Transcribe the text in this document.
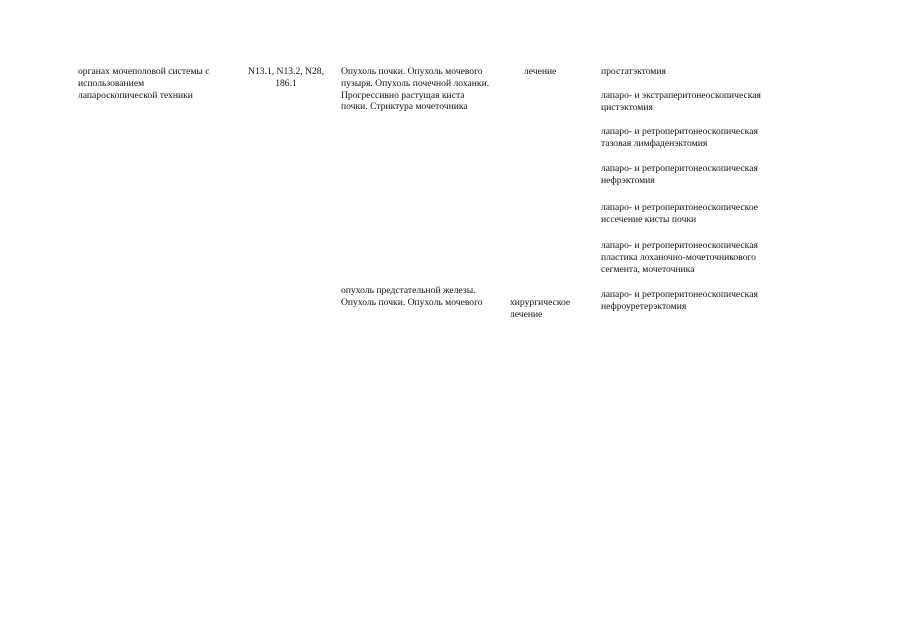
органах мочеполовой системы с
использованием
лапароскопической техники
N13.1, N13.2, N28,
186.1
Опухоль почки. Опухоль мочевого
пузыря. Опухоль почечной лоханки.
Прогрессивно растущая киста
почки. Стриктура мочеточника
лечение
опухоль предстательной железы.
Опухоль почки. Опухоль мочевого	хирургическое
лечение
простатэктомия
лапаро- и экстраперитонеоскопическая
цистэктомия
лапаро- и ретроперитонеоскопическая
тазовая лимфаденэктомия
лапаро- и ретроперитонеоскопическая
нефрэктомия
лапаро- и ретроперитонеоскопическое
иссечение кисты почки
лапаро- и ретроперитонеоскопическая
пластика лоханочно-мочеточникового
сегмента, мочеточника
лапаро- и ретроперитонеоскопическая
нефроуретерэктомия
